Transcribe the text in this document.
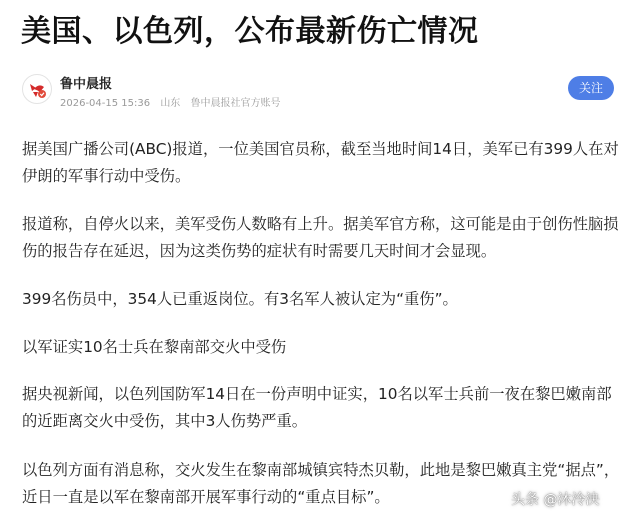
美国、以色列，公布最新伤亡情况
鲁中晨报
2026-04-15 15:36 山东 鲁中晨报社官方账号
关注

据美国广播公司(ABC)报道，一位美国官员称，截至当地时间14日，美军已有399人在对伊朗的军事行动中受伤。

报道称，自停火以来，美军受伤人数略有上升。据美军官方称，这可能是由于创伤性脑损伤的报告存在延迟，因为这类伤势的症状有时需要几天时间才会显现。

399名伤员中，354人已重返岗位。有3名军人被认定为“重伤”。

以军证实10名士兵在黎南部交火中受伤

据央视新闻，以色列国防军14日在一份声明中证实，10名以军士兵前一夜在黎巴嫩南部的近距离交火中受伤，其中3人伤势严重。

以色列方面有消息称，交火发生在黎南部城镇宾特杰贝勒，此地是黎巴嫩真主党“据点”，近日一直是以军在黎南部开展军事行动的“重点目标”。	头条 @沐泠泱
